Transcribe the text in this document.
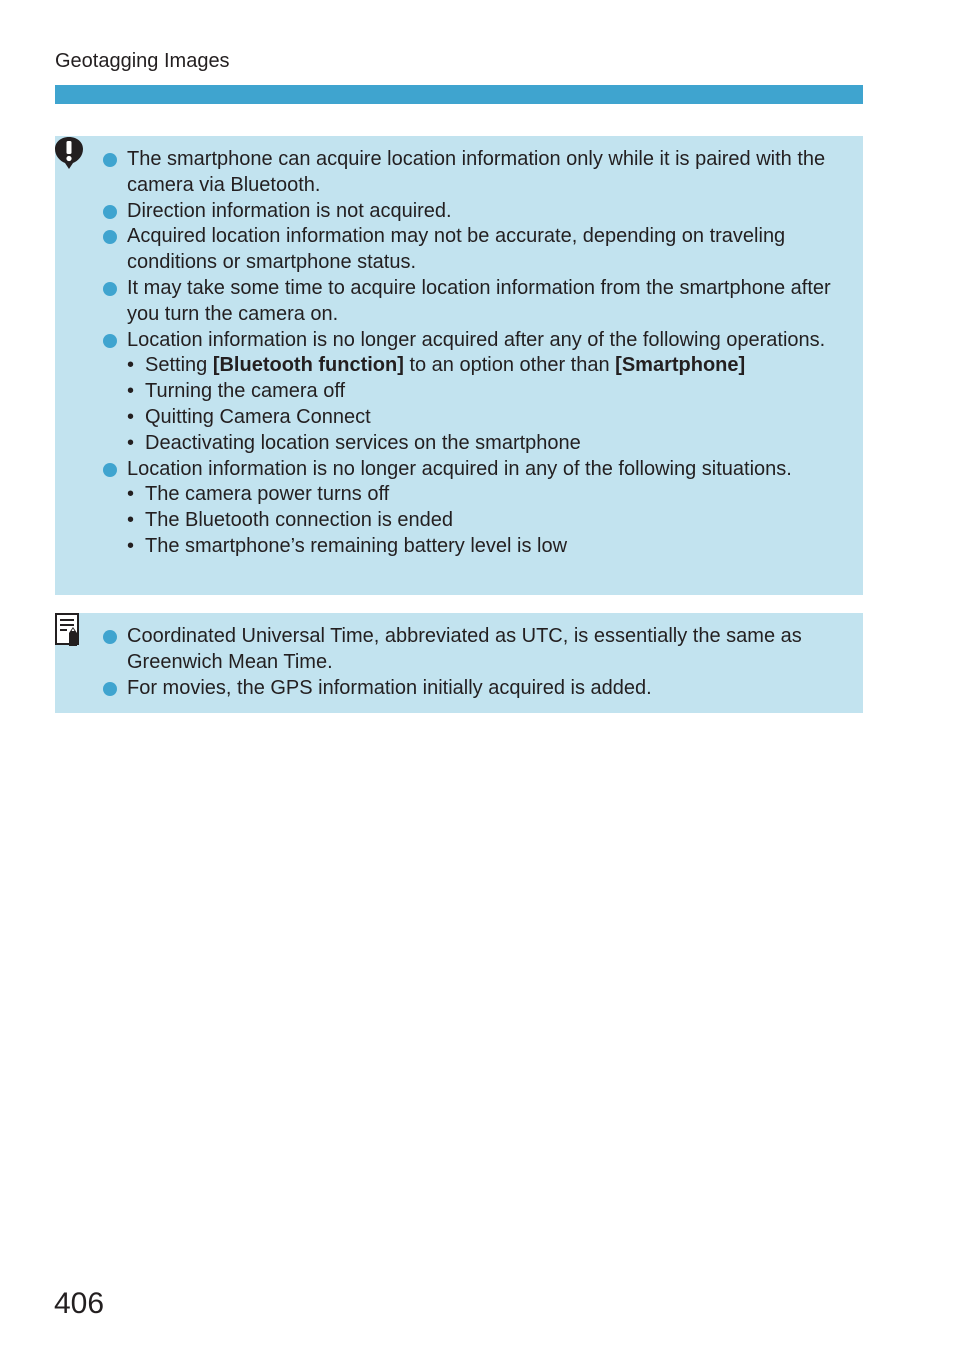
Geotagging Images
The smartphone can acquire location information only while it is paired with the camera via Bluetooth.
Direction information is not acquired.
Acquired location information may not be accurate, depending on traveling conditions or smartphone status.
It may take some time to acquire location information from the smartphone after you turn the camera on.
Location information is no longer acquired after any of the following operations.
• Setting [Bluetooth function] to an option other than [Smartphone]
• Turning the camera off
• Quitting Camera Connect
• Deactivating location services on the smartphone
Location information is no longer acquired in any of the following situations.
• The camera power turns off
• The Bluetooth connection is ended
• The smartphone’s remaining battery level is low
Coordinated Universal Time, abbreviated as UTC, is essentially the same as Greenwich Mean Time.
For movies, the GPS information initially acquired is added.
406
